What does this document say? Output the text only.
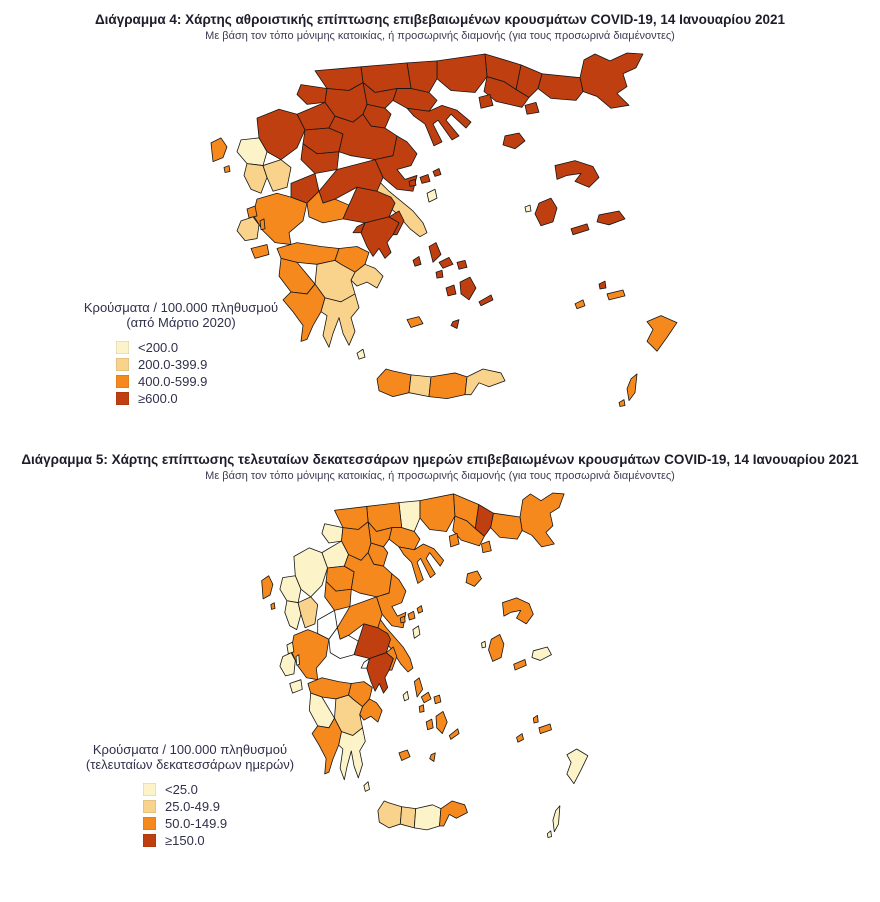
Διάγραμμα 4: Χάρτης αθροιστικής επίπτωσης επιβεβαιωμένων κρουσμάτων COVID-19, 14 Ιανουαρίου 2021
Με βάση τον τόπο μόνιμης κατοικίας, ή προσωρινής διαμονής (για τους προσωρινά διαμένοντες)
Κρούσματα / 100.000 πληθυσμού
(από Μάρτιο 2020)
<200.0
200.0-399.9
400.0-599.9
≥600.0
Διάγραμμα 5: Χάρτης επίπτωσης τελευταίων δεκατεσσάρων ημερών επιβεβαιωμένων κρουσμάτων COVID-19, 14 Ιανουαρίου 2021
Με βάση τον τόπο μόνιμης κατοικίας, ή προσωρινής διαμονής (για τους προσωρινά διαμένοντες)
Κρούσματα / 100.000 πληθυσμού
(τελευταίων δεκατεσσάρων ημερών)
<25.0
25.0-49.9
50.0-149.9
≥150.0
